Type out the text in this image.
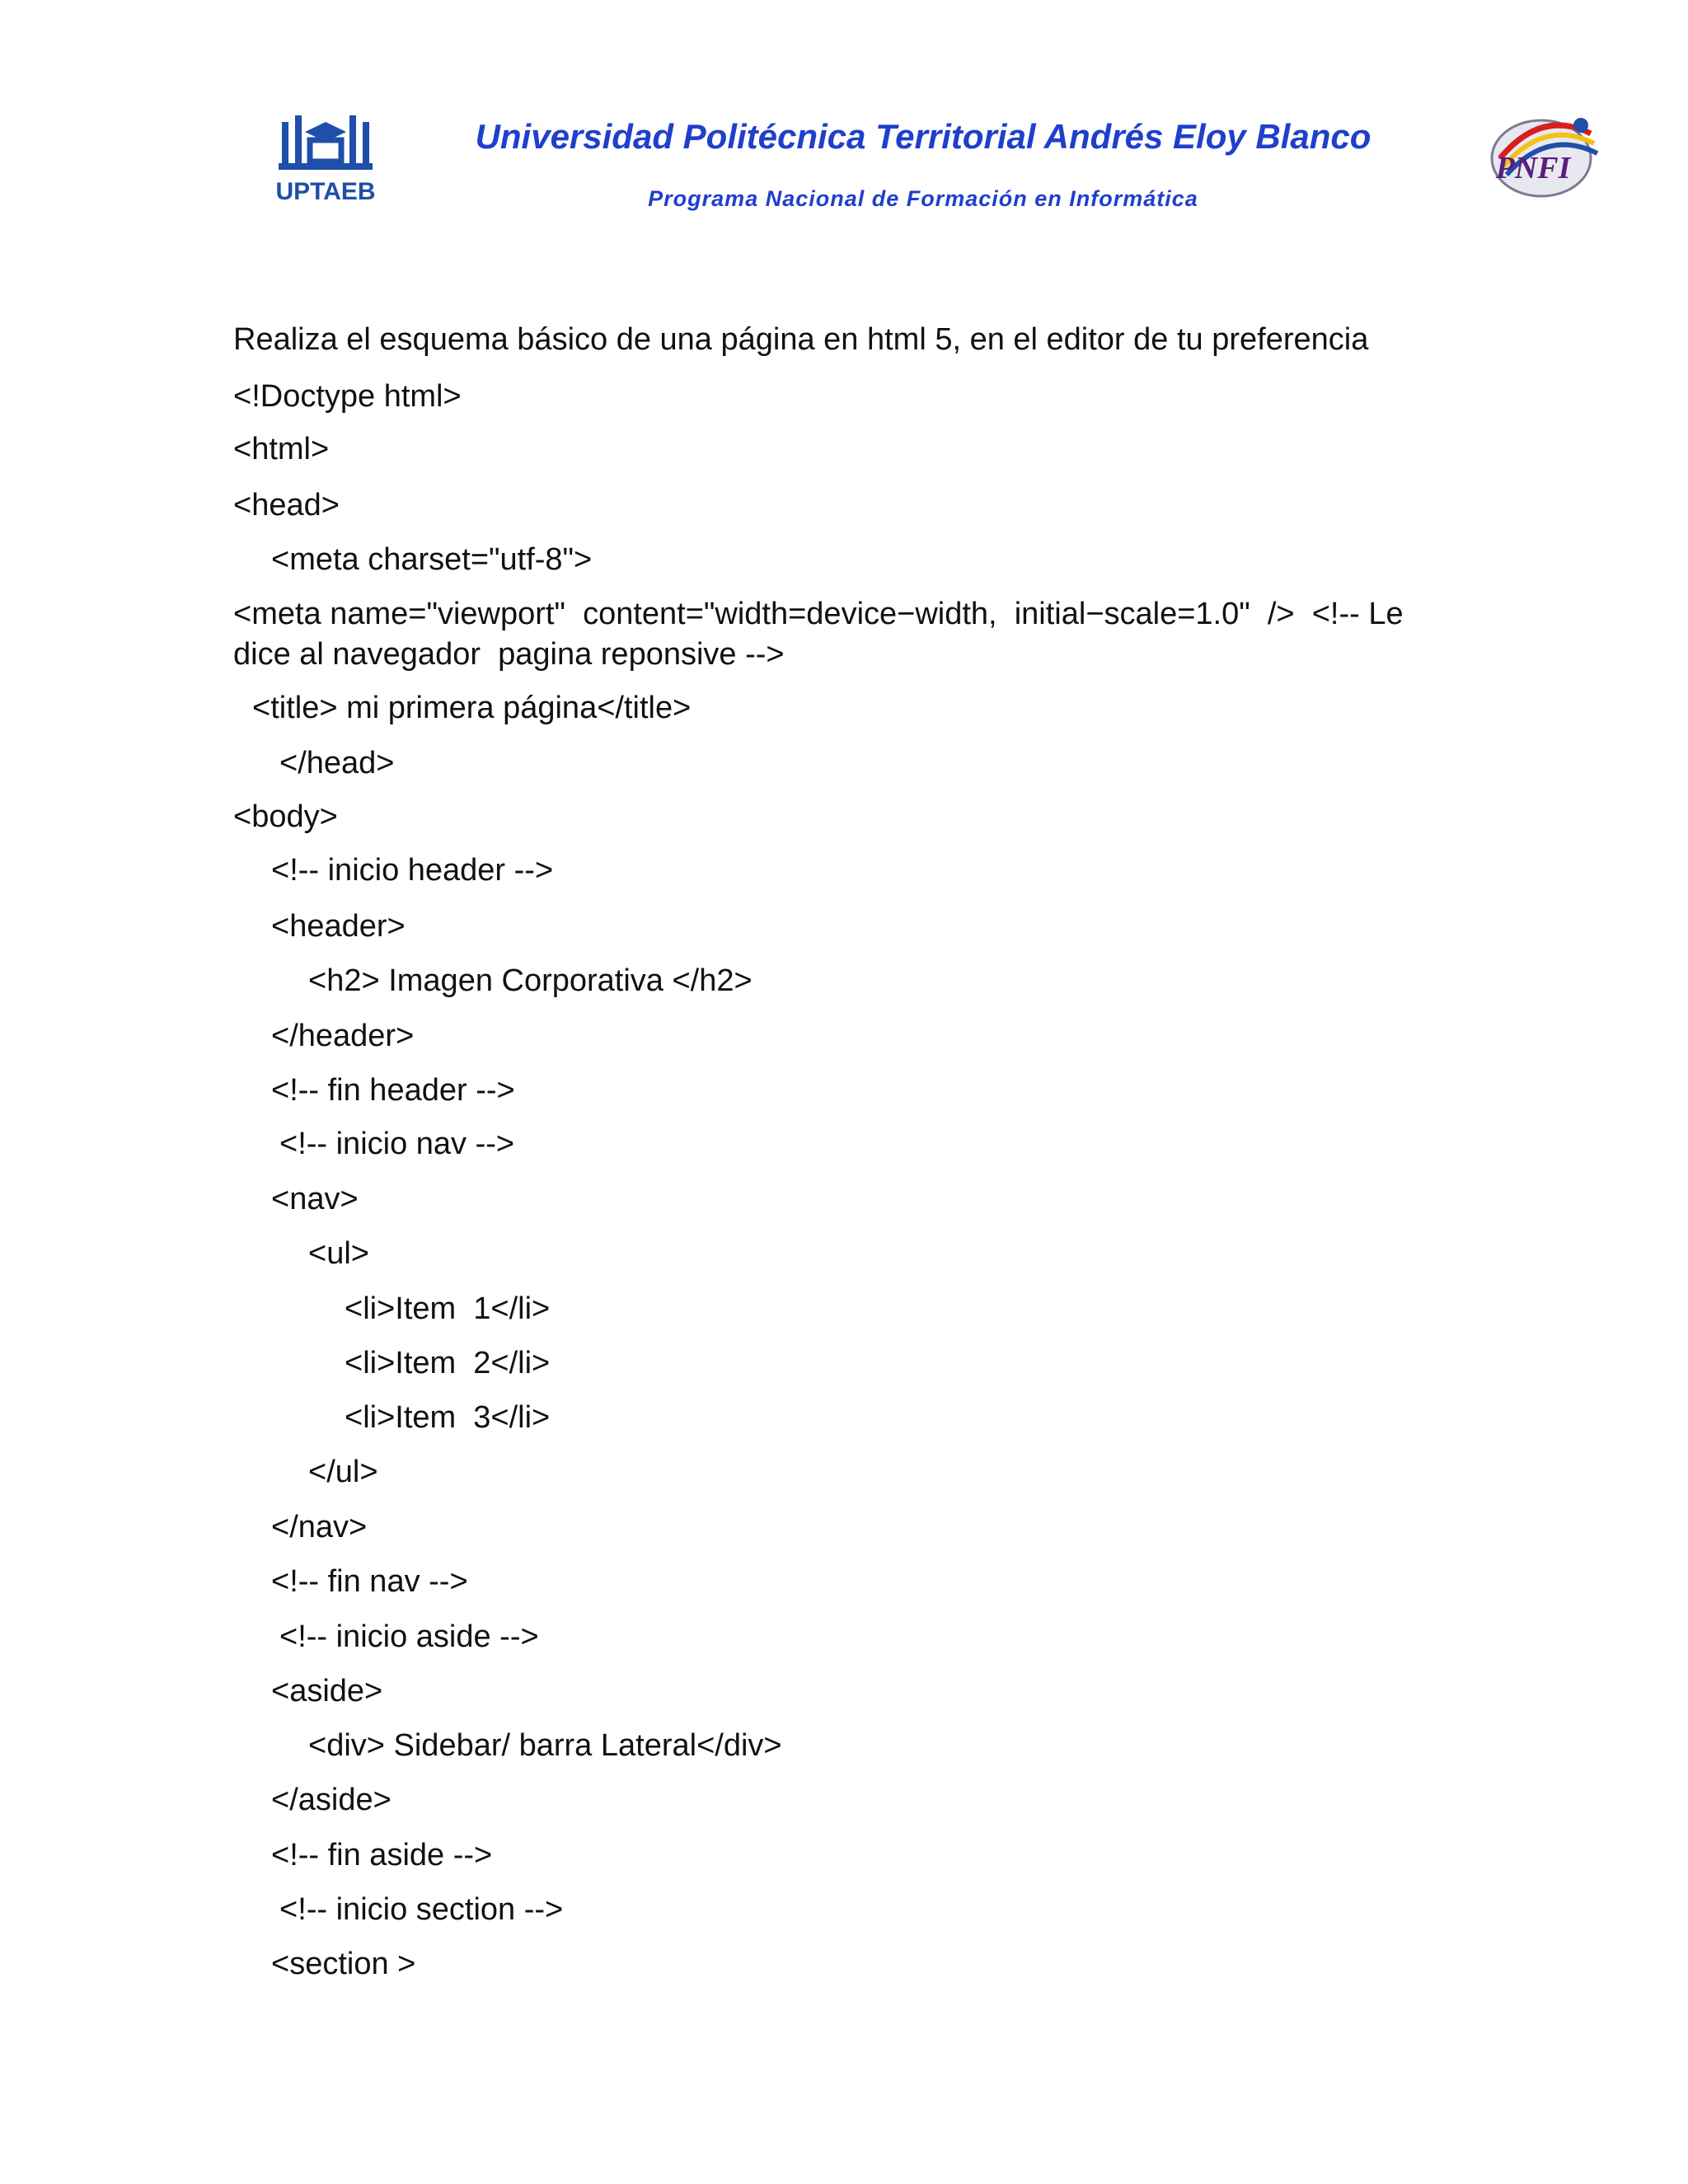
UPTAEB
Universidad Politécnica Territorial Andrés Eloy Blanco
Programa Nacional de Formación en Informática
PNFI
Realiza el esquema básico de una página en html 5, en el editor de tu preferencia
<!Doctype html>
<html>
<head>
<meta charset="utf-8">
<meta name="viewport"  content="width=device−width,  initial−scale=1.0"  />  <!-- Le
dice al navegador  pagina reponsive -->
<title> mi primera página</title>
</head>
<body>
<!-- inicio header -->
<header>
<h2> Imagen Corporativa </h2>
</header>
<!-- fin header -->
<!-- inicio nav -->
<nav>
<ul>
<li>Item  1</li>
<li>Item  2</li>
<li>Item  3</li>
</ul>
</nav>
<!-- fin nav -->
<!-- inicio aside -->
<aside>
<div> Sidebar/ barra Lateral</div>
</aside>
<!-- fin aside -->
<!-- inicio section -->
<section >
